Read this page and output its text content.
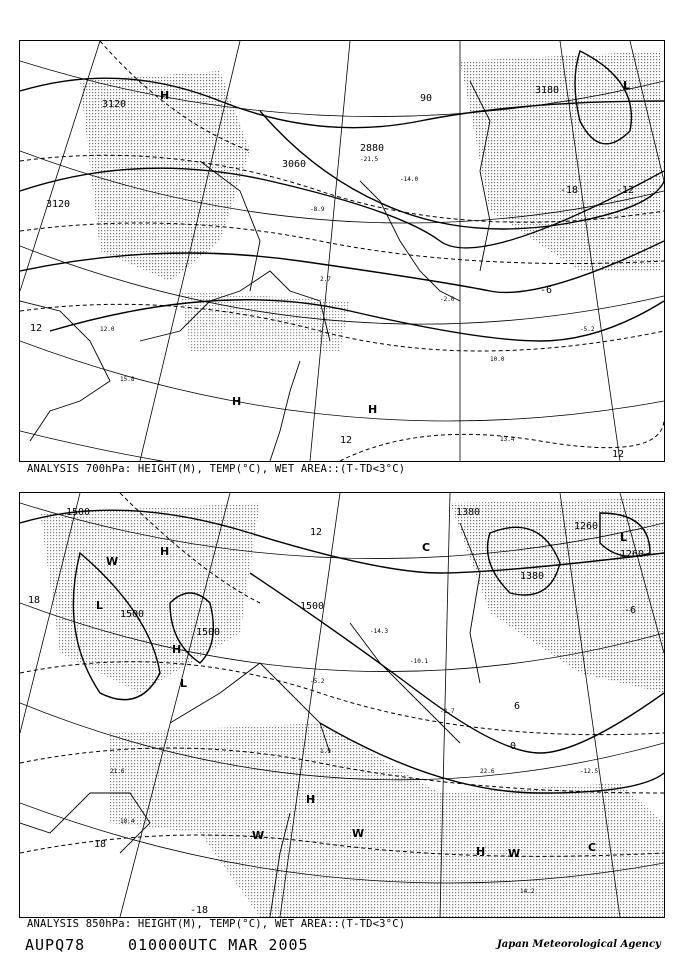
-21.5
-14.0
-8.9
2.7
-2.0
-5.2
10.0
13.4
12.0
15.8
3120
3120
3060
2880
90
3180
12
12
12
-6
-12
-18
H
H
H
L
ANALYSIS 700hPa: HEIGHT(M), TEMP(°C), WET AREA::(T-TD<3°C)
-14.3
-10.1
-5.2
1.9
-2.7
-12.5
22.6
14.2
21.6
18.4
1500
1500
1500
1500
1380
1380
1260
1260
12
18
18
-18
6
0
-6
H
L
H
W
C
L
H
W	W
C
L
H W
ANALYSIS 850hPa: HEIGHT(M), TEMP(°C), WET AREA::(T-TD<3°C)
AUPQ78	010000UTC MAR 2005	Japan Meteorological Agency
